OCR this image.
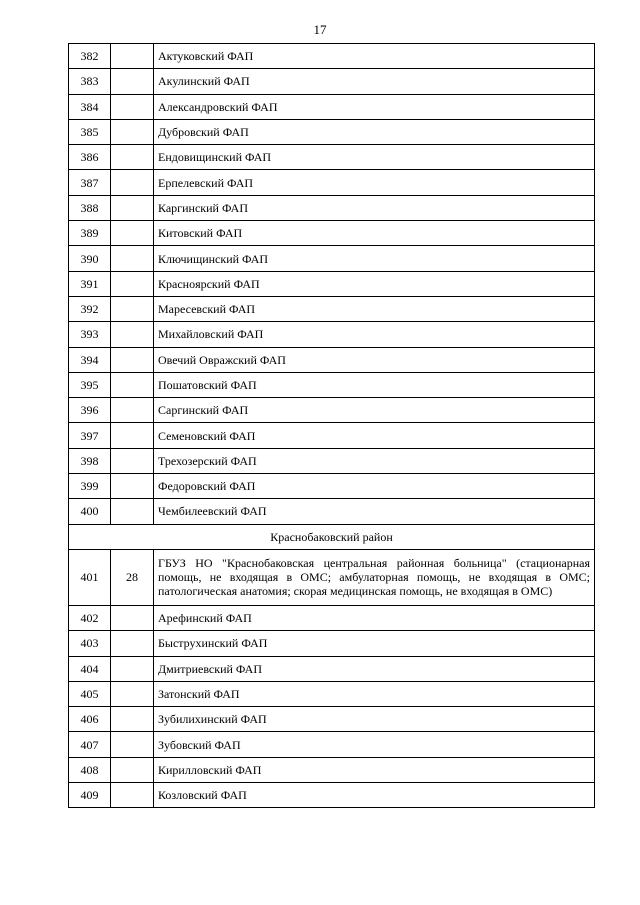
17
382		Актуковский ФАП
383		Акулинский ФАП
384		Александровский ФАП
385		Дубровский ФАП
386		Ендовищинский ФАП
387		Ерпелевский ФАП
388		Каргинский ФАП
389		Китовский ФАП
390		Ключищинский ФАП
391		Краснoярский ФАП
392		Маресевский ФАП
393		Михайловский ФАП
394		Овечий Овражский ФАП
395		Пошатовский ФАП
396		Саргинский ФАП
397		Семеновский ФАП
398		Трехозерский ФАП
399		Федоровский ФАП
400		Чембилеевский ФАП
Краснобаковский район		
401	28	ГБУЗ НО "Краснобаковская центральная районная больница" (стационарная помощь, не входящая в ОМС; амбулаторная помощь, не входящая в ОМС; патологическая анатомия; скорая медицинская помощь, не входящая в ОМС)
402		Арефинский ФАП
403		Быструхинский ФАП
404		Дмитриевский ФАП
405		Затонский ФАП
406		Зубилихинский ФАП
407		Зубовский ФАП
408		Кирилловский ФАП
409		Козловский ФАП
